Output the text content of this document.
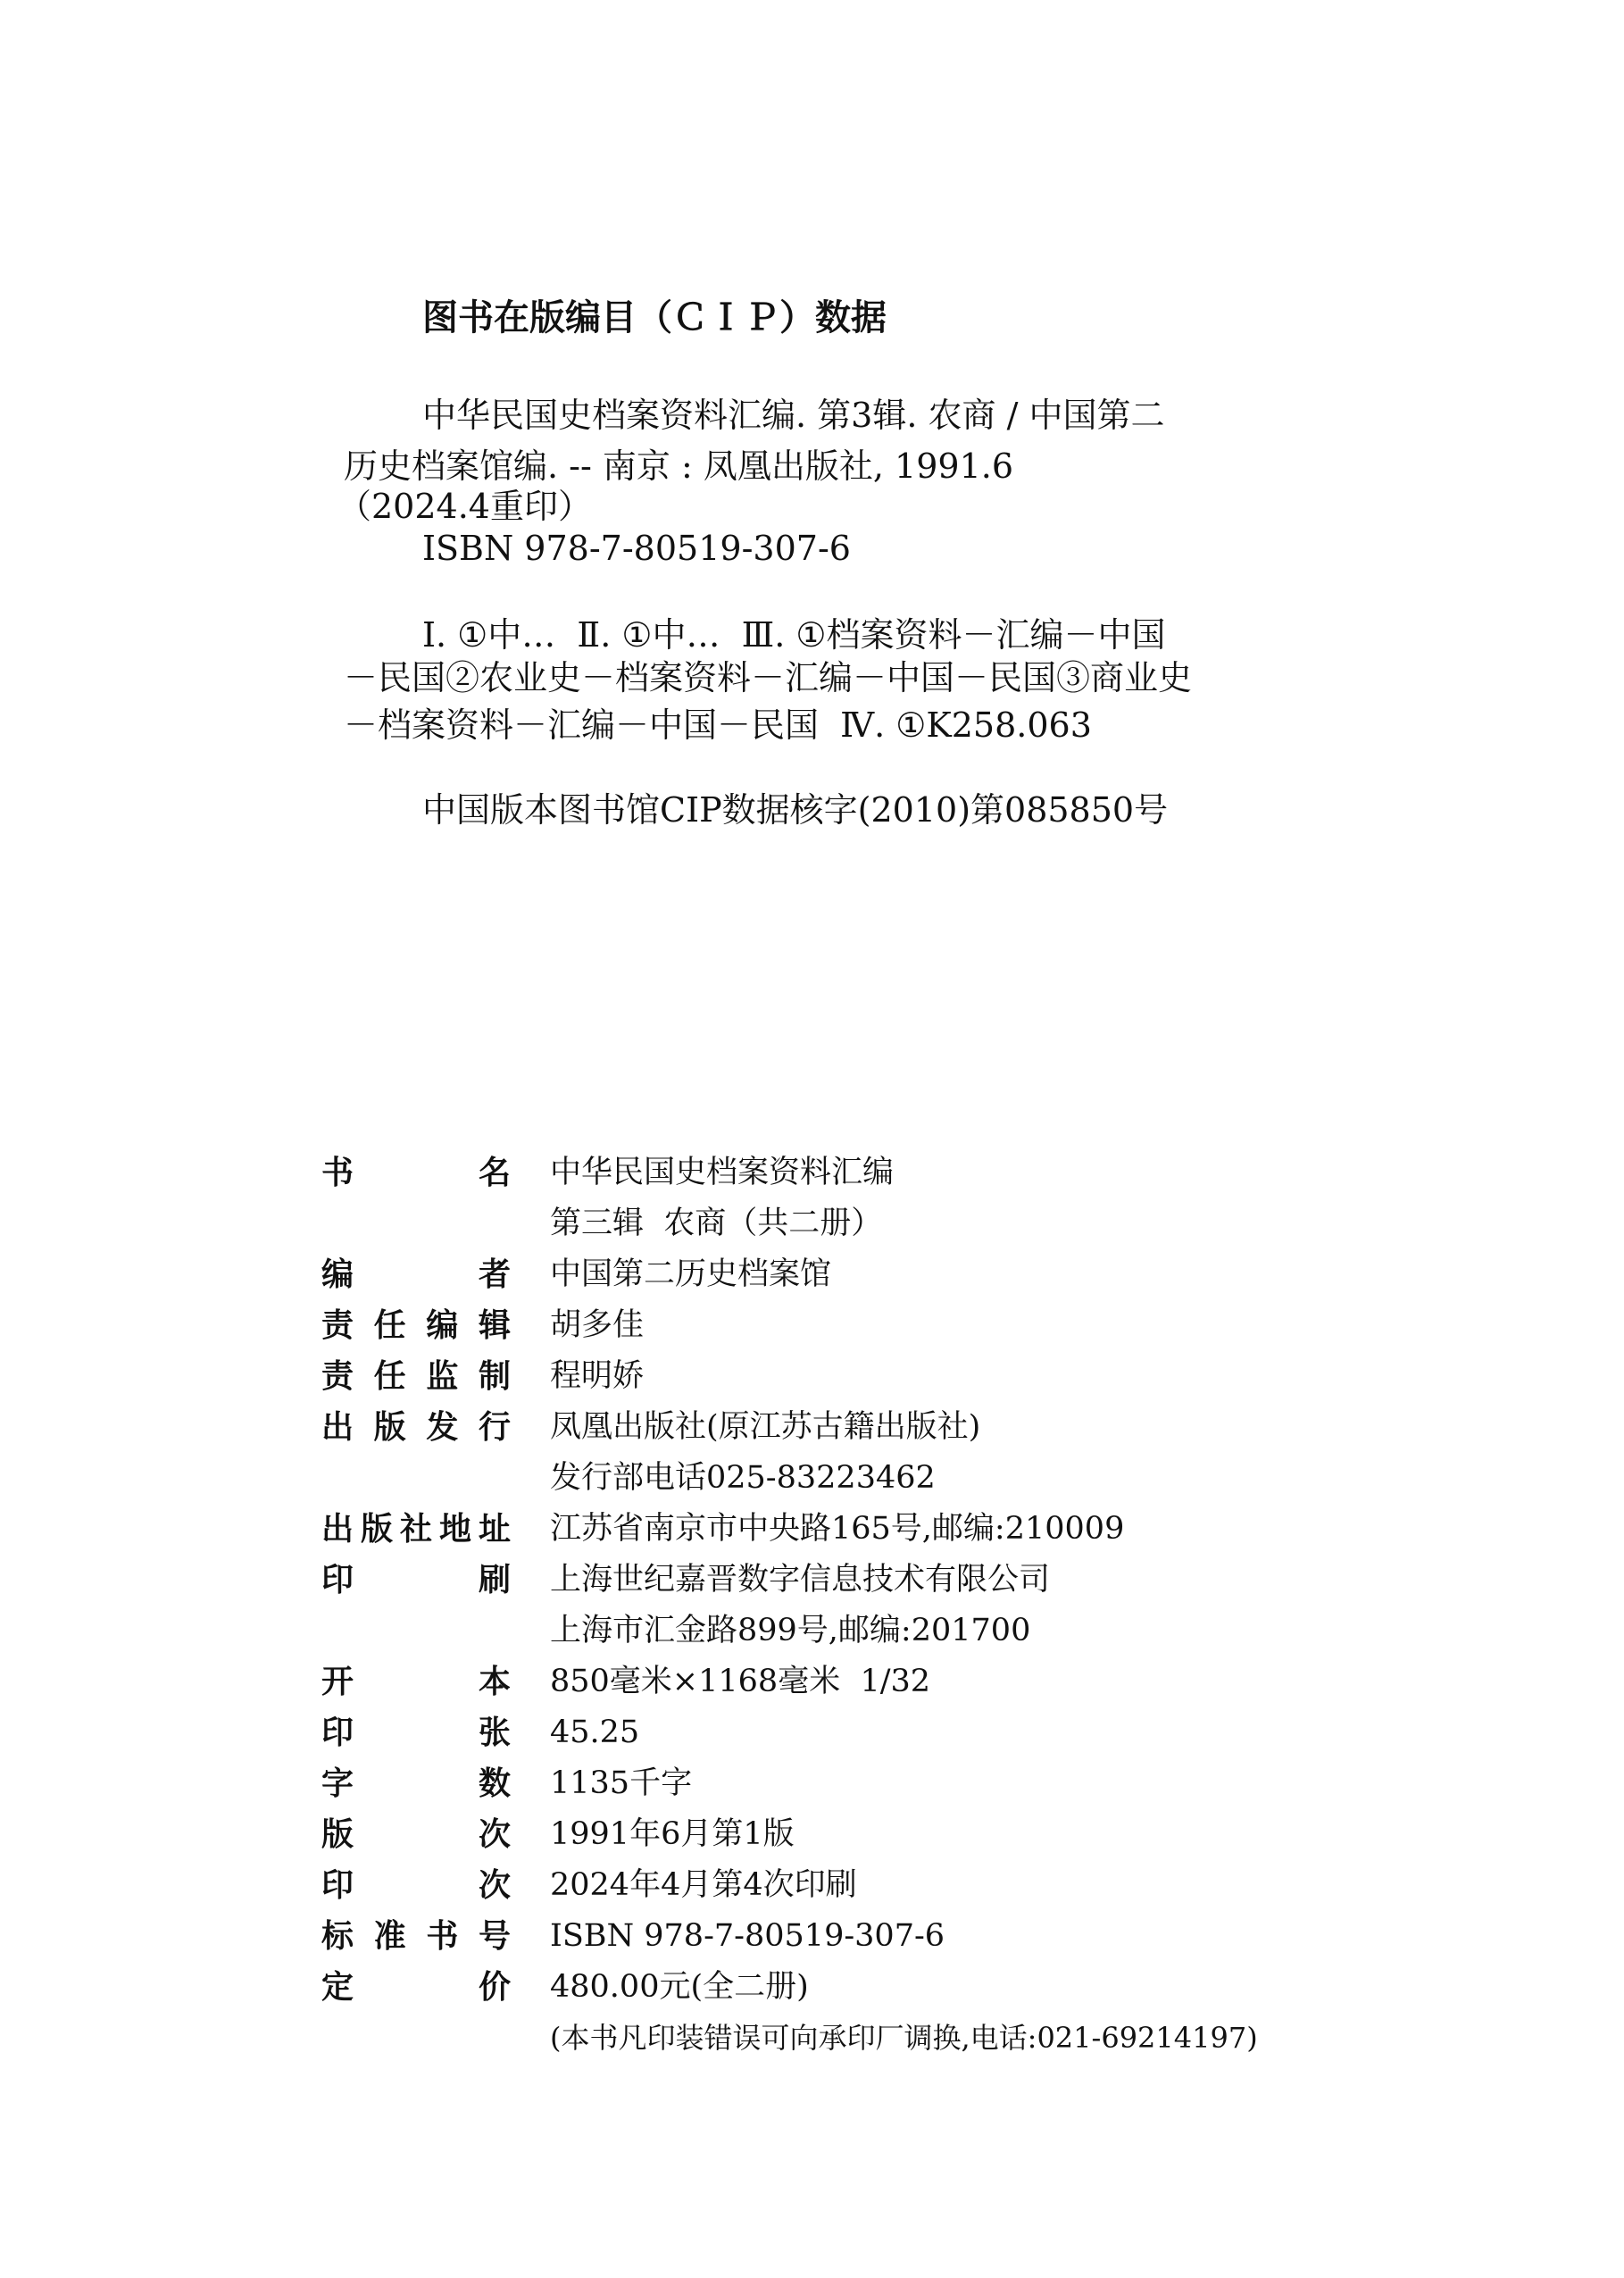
图书在版编目（ＣＩＰ）数据
中华民国史档案资料汇编. 第3辑. 农商 / 中国第二
历史档案馆编. -- 南京 : 凤凰出版社, 1991.6
（2024.4重印）
ISBN 978-7-80519-307-6
Ⅰ. ①中…  Ⅱ. ①中…  Ⅲ. ①档案资料－汇编－中国
－民国②农业史－档案资料－汇编－中国－民国③商业史
－档案资料－汇编－中国－民国  Ⅳ. ①K258.063
中国版本图书馆CIP数据核字(2010)第085850号
书名 中华民国史档案资料汇编
第三辑  农商（共二册）
编者 中国第二历史档案馆
责任编辑 胡多佳
责任监制 程明娇
出版发行 凤凰出版社(原江苏古籍出版社)
发行部电话025-83223462
出版社地址 江苏省南京市中央路165号,邮编:210009
印刷 上海世纪嘉晋数字信息技术有限公司
上海市汇金路899号,邮编:201700
开本 850毫米×1168毫米  1/32
印张 45.25
字数 1135千字
版次 1991年6月第1版
印次 2024年4月第4次印刷
标准书号 ISBN 978-7-80519-307-6
定价 480.00元(全二册)
(本书凡印装错误可向承印厂调换,电话:021-69214197)
